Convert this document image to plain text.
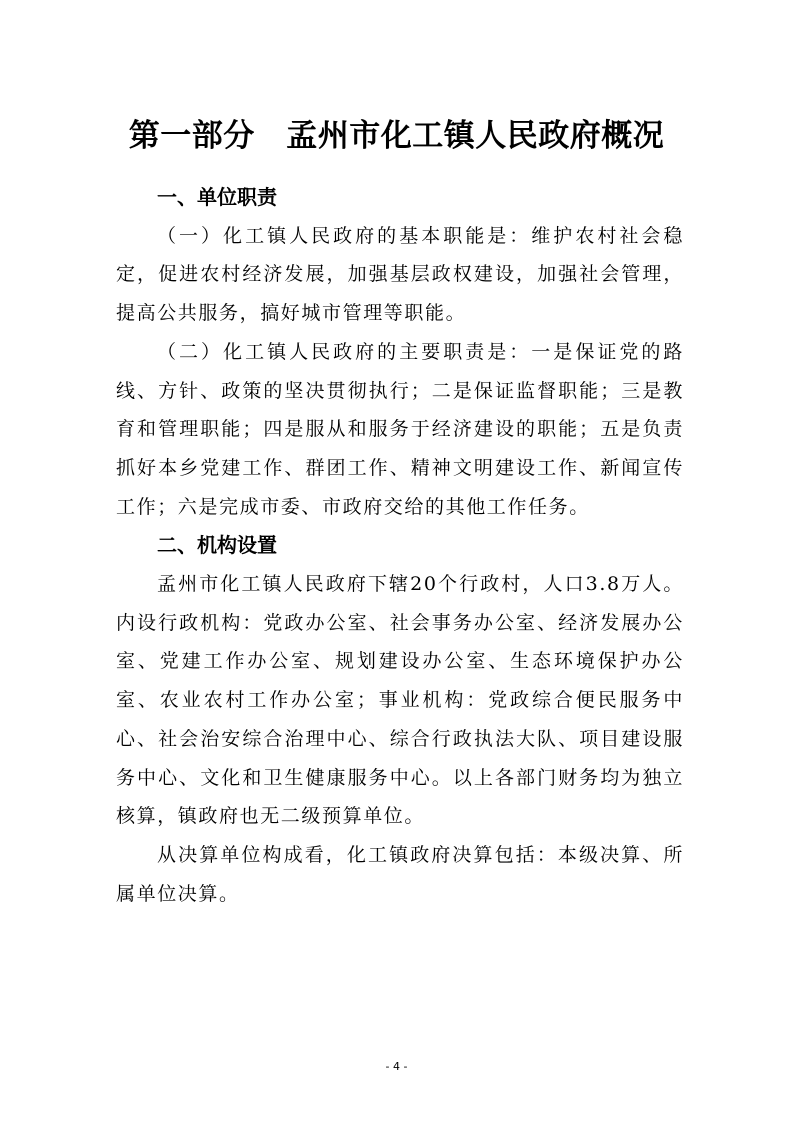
第一部分　孟州市化工镇人民政府概况
一、单位职责

（一）化工镇人民政府的基本职能是：维护农村社会稳定，促进农村经济发展，加强基层政权建设，加强社会管理，提高公共服务，搞好城市管理等职能。

（二）化工镇人民政府的主要职责是：一是保证党的路线、方针、政策的坚决贯彻执行；二是保证监督职能；三是教育和管理职能；四是服从和服务于经济建设的职能；五是负责抓好本乡党建工作、群团工作、精神文明建设工作、新闻宣传工作；六是完成市委、市政府交给的其他工作任务。

二、机构设置

孟州市化工镇人民政府下辖20个行政村，人口3.8万人。内设行政机构：党政办公室、社会事务办公室、经济发展办公室、党建工作办公室、规划建设办公室、生态环境保护办公室、农业农村工作办公室；事业机构：党政综合便民服务中心、社会治安综合治理中心、综合行政执法大队、项目建设服务中心、文化和卫生健康服务中心。以上各部门财务均为独立核算，镇政府也无二级预算单位。

从决算单位构成看，化工镇政府决算包括：本级决算、所属单位决算。

- 4 -
